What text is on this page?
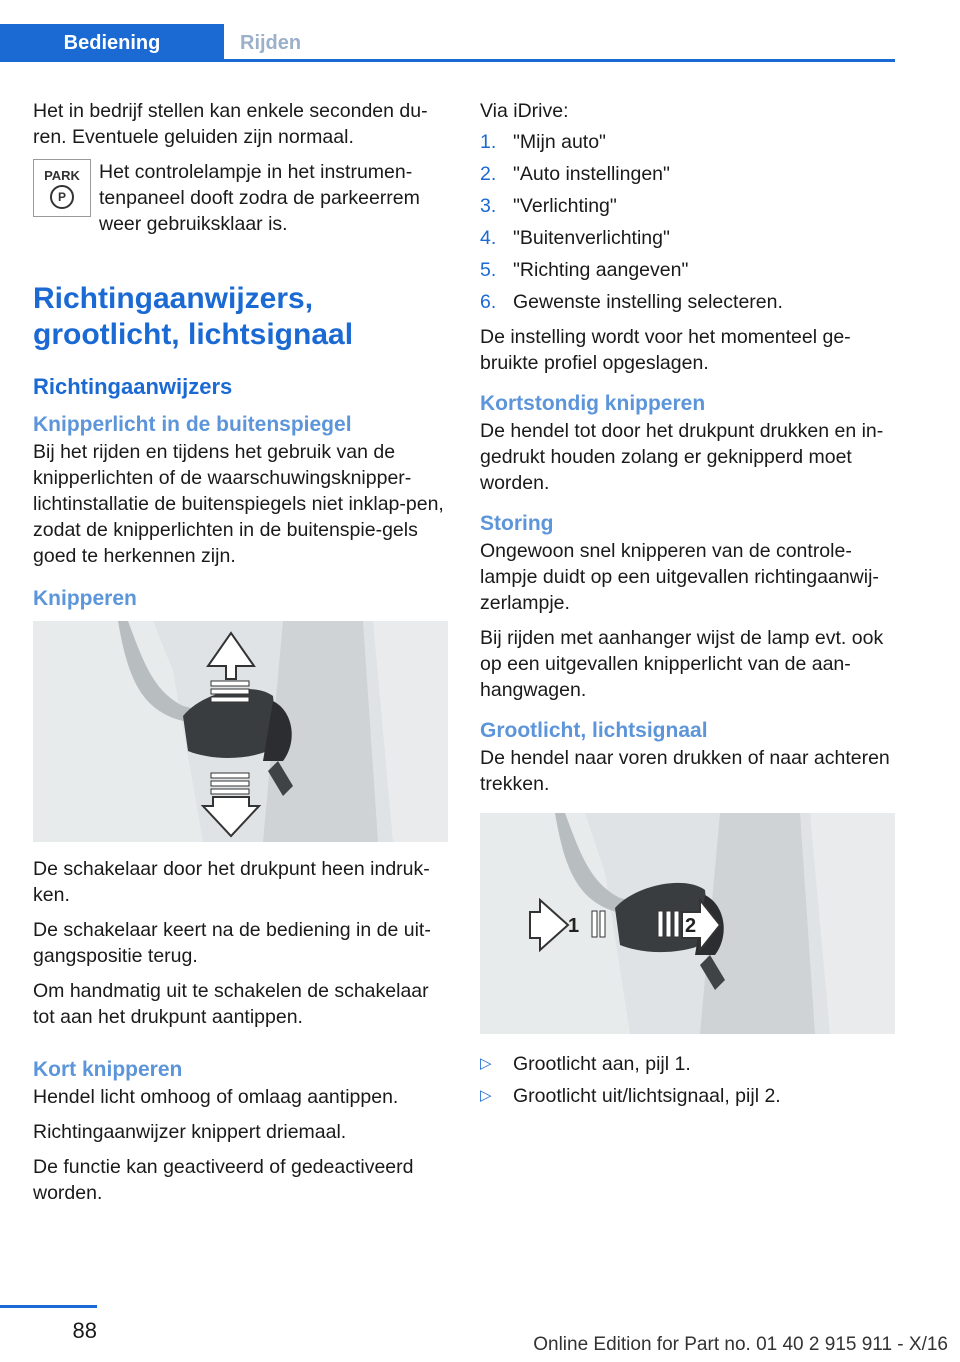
Bediening	Rijden

Het in bedrijf stellen kan enkele seconden du-ren. Eventuele geluiden zijn normaal.

PARK
P

Het controlelampje in het instrumen-tenpaneel dooft zodra de parkeerrem weer gebruiksklaar is.

Richtingaanwijzers, grootlicht, lichtsignaal
Richtingaanwijzers
Knipperlicht in de buitenspiegel

Bij het rijden en tijdens het gebruik van de knipperlichten of de waarschuwingsknipper-lichtinstallatie de buitenspiegels niet inklap-pen, zodat de knipperlichten in de buitenspie-gels goed te herkennen zijn.

Knipperen

De schakelaar door het drukpunt heen indruk-ken.

De schakelaar keert na de bediening in de uit-gangspositie terug.

Om handmatig uit te schakelen de schakelaar tot aan het drukpunt aantippen.

Kort knipperen

Hendel licht omhoog of omlaag aantippen.

Richtingaanwijzer knippert driemaal.

De functie kan geactiveerd of gedeactiveerd worden.

Via iDrive:

1. "Mijn auto"
2. "Auto instellingen"
3. "Verlichting"
4. "Buitenverlichting"
5. "Richting aangeven"
6. Gewenste instelling selecteren.

De instelling wordt voor het momenteel ge-bruikte profiel opgeslagen.

Kortstondig knipperen

De hendel tot door het drukpunt drukken en in-gedrukt houden zolang er geknipperd moet worden.

Storing

Ongewoon snel knipperen van de controle-lampje duidt op een uitgevallen richtingaanwij-zerlampje.

Bij rijden met aanhanger wijst de lamp evt. ook op een uitgevallen knipperlicht van de aan-hangwagen.

Grootlicht, lichtsignaal

De hendel naar voren drukken of naar achteren trekken.

1	2
▷	Grootlicht aan, pijl 1.
▷	Grootlicht uit/lichtsignaal, pijl 2.
88
Online Edition for Part no. 01 40 2 915 911 - X/16
